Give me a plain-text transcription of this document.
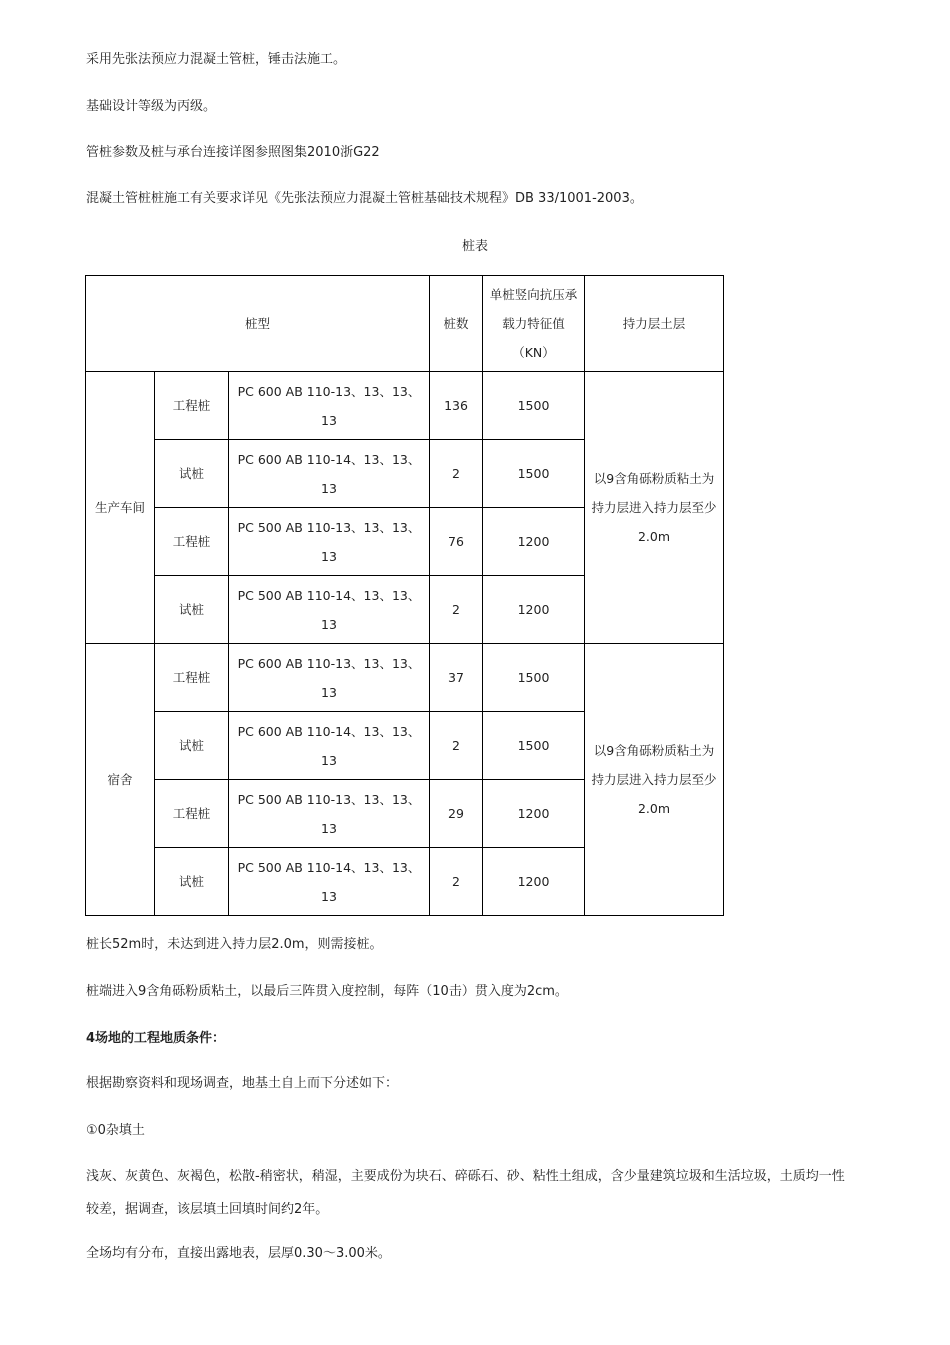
采用先张法预应力混凝土管桩，锤击法施工。
基础设计等级为丙级。
管桩参数及桩与承台连接详图参照图集2010浙G22
混凝土管桩桩施工有关要求详见《先张法预应力混凝土管桩基础技术规程》DB 33/1001-2003。
桩表
桩型			桩数	单桩竖向抗压承载力特征值（KN）	持力层土层
生产车间	工程桩	PC 600 AB 110-13、13、13、13	136	1500	以9含角砾粉质粘土为持力层进入持力层至少2.0m
	试桩	PC 600 AB 110-14、13、13、13	2	1500	
	工程桩	PC 500 AB 110-13、13、13、13	76	1200	
	试桩	PC 500 AB 110-14、13、13、13	2	1200	
宿舍	工程桩	PC 600 AB 110-13、13、13、13	37	1500	以9含角砾粉质粘土为持力层进入持力层至少2.0m
	试桩	PC 600 AB 110-14、13、13、13	2	1500	
	工程桩	PC 500 AB 110-13、13、13、13	29	1200	
	试桩	PC 500 AB 110-14、13、13、13	2	1200	
桩长52m时，未达到进入持力层2.0m，则需接桩。
桩端进入9含角砾粉质粘土，以最后三阵贯入度控制，每阵（10击）贯入度为2cm。
4场地的工程地质条件：
根据勘察资料和现场调查，地基土自上而下分述如下：
①0杂填土
浅灰、灰黄色、灰褐色，松散-稍密状，稍湿，主要成份为块石、碎砾石、砂、粘性土组成，含少量建筑垃圾和生活垃圾，土质均一性较差，据调查，该层填土回填时间约2年。
全场均有分布，直接出露地表，层厚0.30～3.00米。
